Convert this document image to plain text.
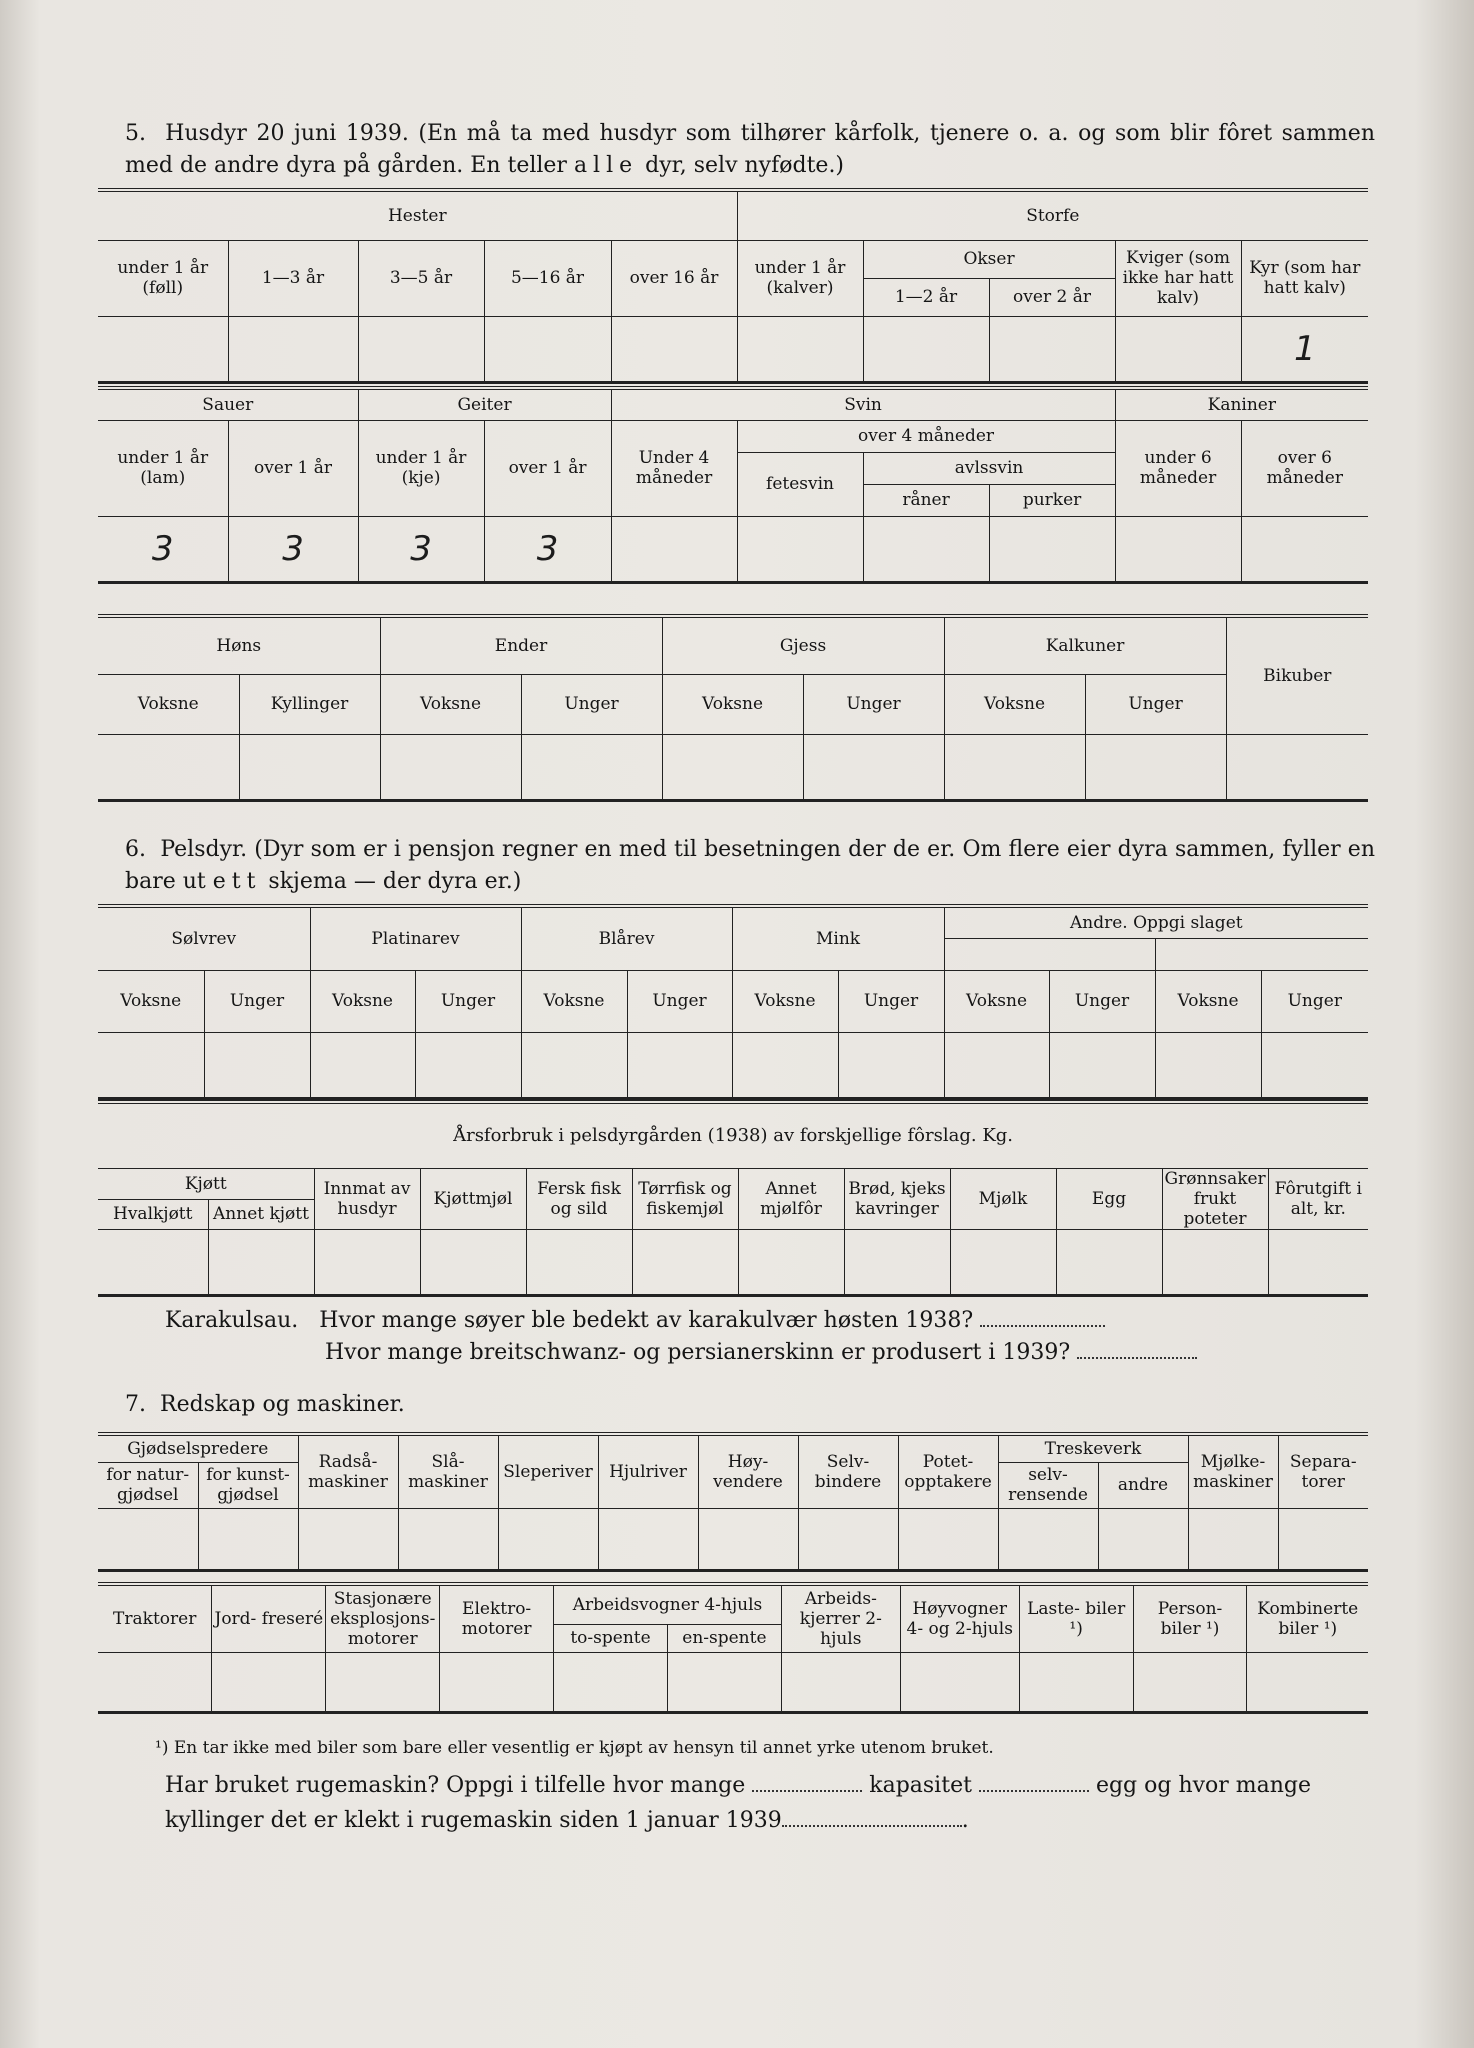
5. Husdyr 20 juni 1939. (En må ta med husdyr som tilhører kårfolk, tjenere o. a. og som blir fôret sammen med de andre dyra på gården. En teller alle dyr, selv nyfødte.)
Hester					Storfe				
under 1 år (føll)	1—3 år	3—5 år	5—16 år	over 16 år	under 1 år (kalver)	Okser		Kviger (som ikke har hatt kalv)	Kyr (som har hatt kalv)
						1—2 år	over 2 år		
									1
Sauer		Geiter		Svin				Kaniner	
under 1 år (lam)	over 1 år	under 1 år (kje)	over 1 år	Under 4 måneder	over 4 måneder			under 6 måneder	over 6 måneder
					fetesvin	avlssvin			
						råner	purker		
3	3	3	3						
Høns		Ender		Gjess		Kalkuner		Bikuber
Voksne	Kyllinger	Voksne	Unger	Voksne	Unger	Voksne	Unger	

6. Pelsdyr. (Dyr som er i pensjon regner en med til besetningen der de er. Om flere eier dyra sammen, fyller en bare ut ett skjema — der dyra er.)
Sølvrev		Platinarev		Blårev		Mink		Andre. Oppgi slaget			

Voksne	Unger	Voksne	Unger	Voksne	Unger	Voksne	Unger	Voksne	Unger	Voksne	Unger

Årsforbruk i pelsdyrgården (1938) av forskjellige fôrslag. Kg.											
Kjøtt		Innmat av husdyr	Kjøttmjøl	Fersk fisk og sild	Tørrfisk og fiskemjøl	Annet mjølfôr	Brød, kjeks kavringer	Mjølk	Egg	Grønnsaker frukt poteter	Fôrutgift i alt, kr.
Hvalkjøtt	Annet kjøtt										

Karakulsau. Hvor mange søyer ble bedekt av karakulvær høsten 1938?
Hvor mange breitschwanz- og persianerskinn er produsert i 1939?
7. Redskap og maskiner.
Gjødselspredere		Radså- maskiner	Slå- maskiner	Sleperiver	Hjulriver	Høy- vendere	Selv- bindere	Potet- opptakere	Treskeverk		Mjølke- maskiner	Separa- torer
for natur- gjødsel	for kunst- gjødsel								selv- rensende	andre		

Traktorer	Jord- freseré	Stasjonære eksplosjons- motorer	Elektro- motorer	Arbeidsvogner 4-hjuls		Arbeids- kjerrer 2-hjuls	Høyvogner 4- og 2-hjuls	Laste- biler ¹)	Person- biler ¹)	Kombinerte biler ¹)
				to-spente	en-spente					

¹) En tar ikke med biler som bare eller vesentlig er kjøpt av hensyn til annet yrke utenom bruket.
Har bruket rugemaskin? Oppgi i tilfelle hvor mange	kapasitet	egg og hvor mange
kyllinger det er klekt i rugemaskin siden 1 januar 1939	.
